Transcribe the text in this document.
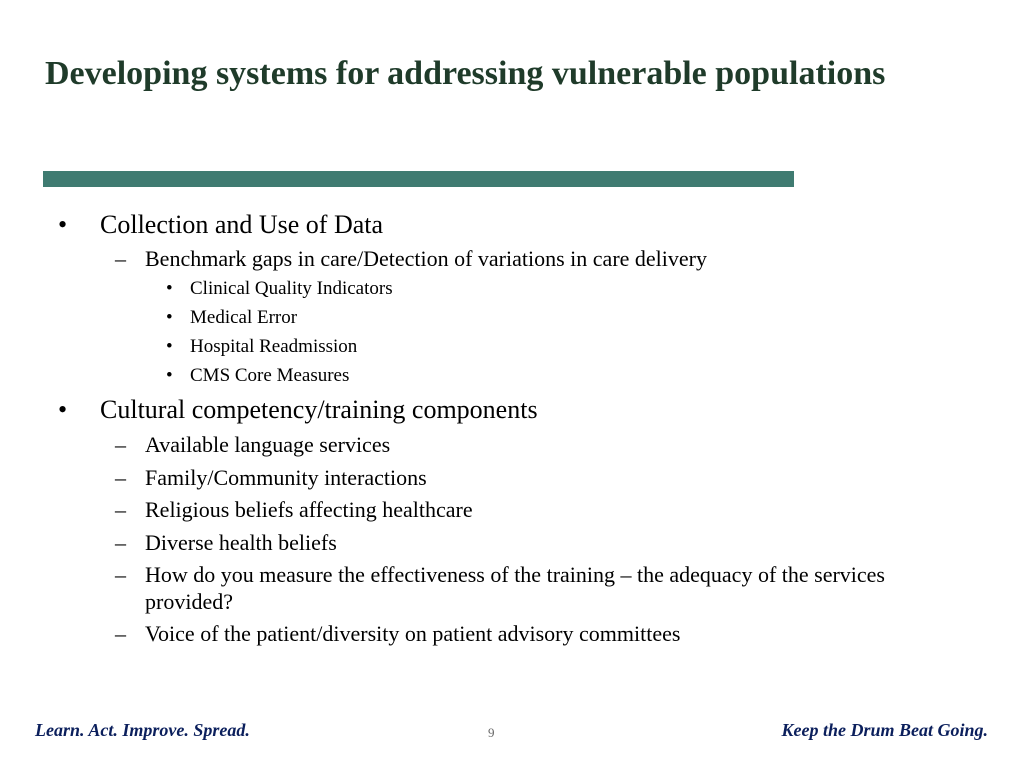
Developing systems for addressing vulnerable populations
• Collection and Use of Data
– Benchmark gaps in care/Detection of variations in care delivery
• Clinical Quality Indicators
• Medical Error
• Hospital Readmission
• CMS Core Measures
• Cultural competency/training components
– Available language services
– Family/Community interactions
– Religious beliefs affecting healthcare
– Diverse health beliefs
– How do you measure the effectiveness of the training – the adequacy of the services provided?
– Voice of the patient/diversity on patient advisory committees
Learn. Act. Improve. Spread.	9	Keep the Drum Beat Going.
